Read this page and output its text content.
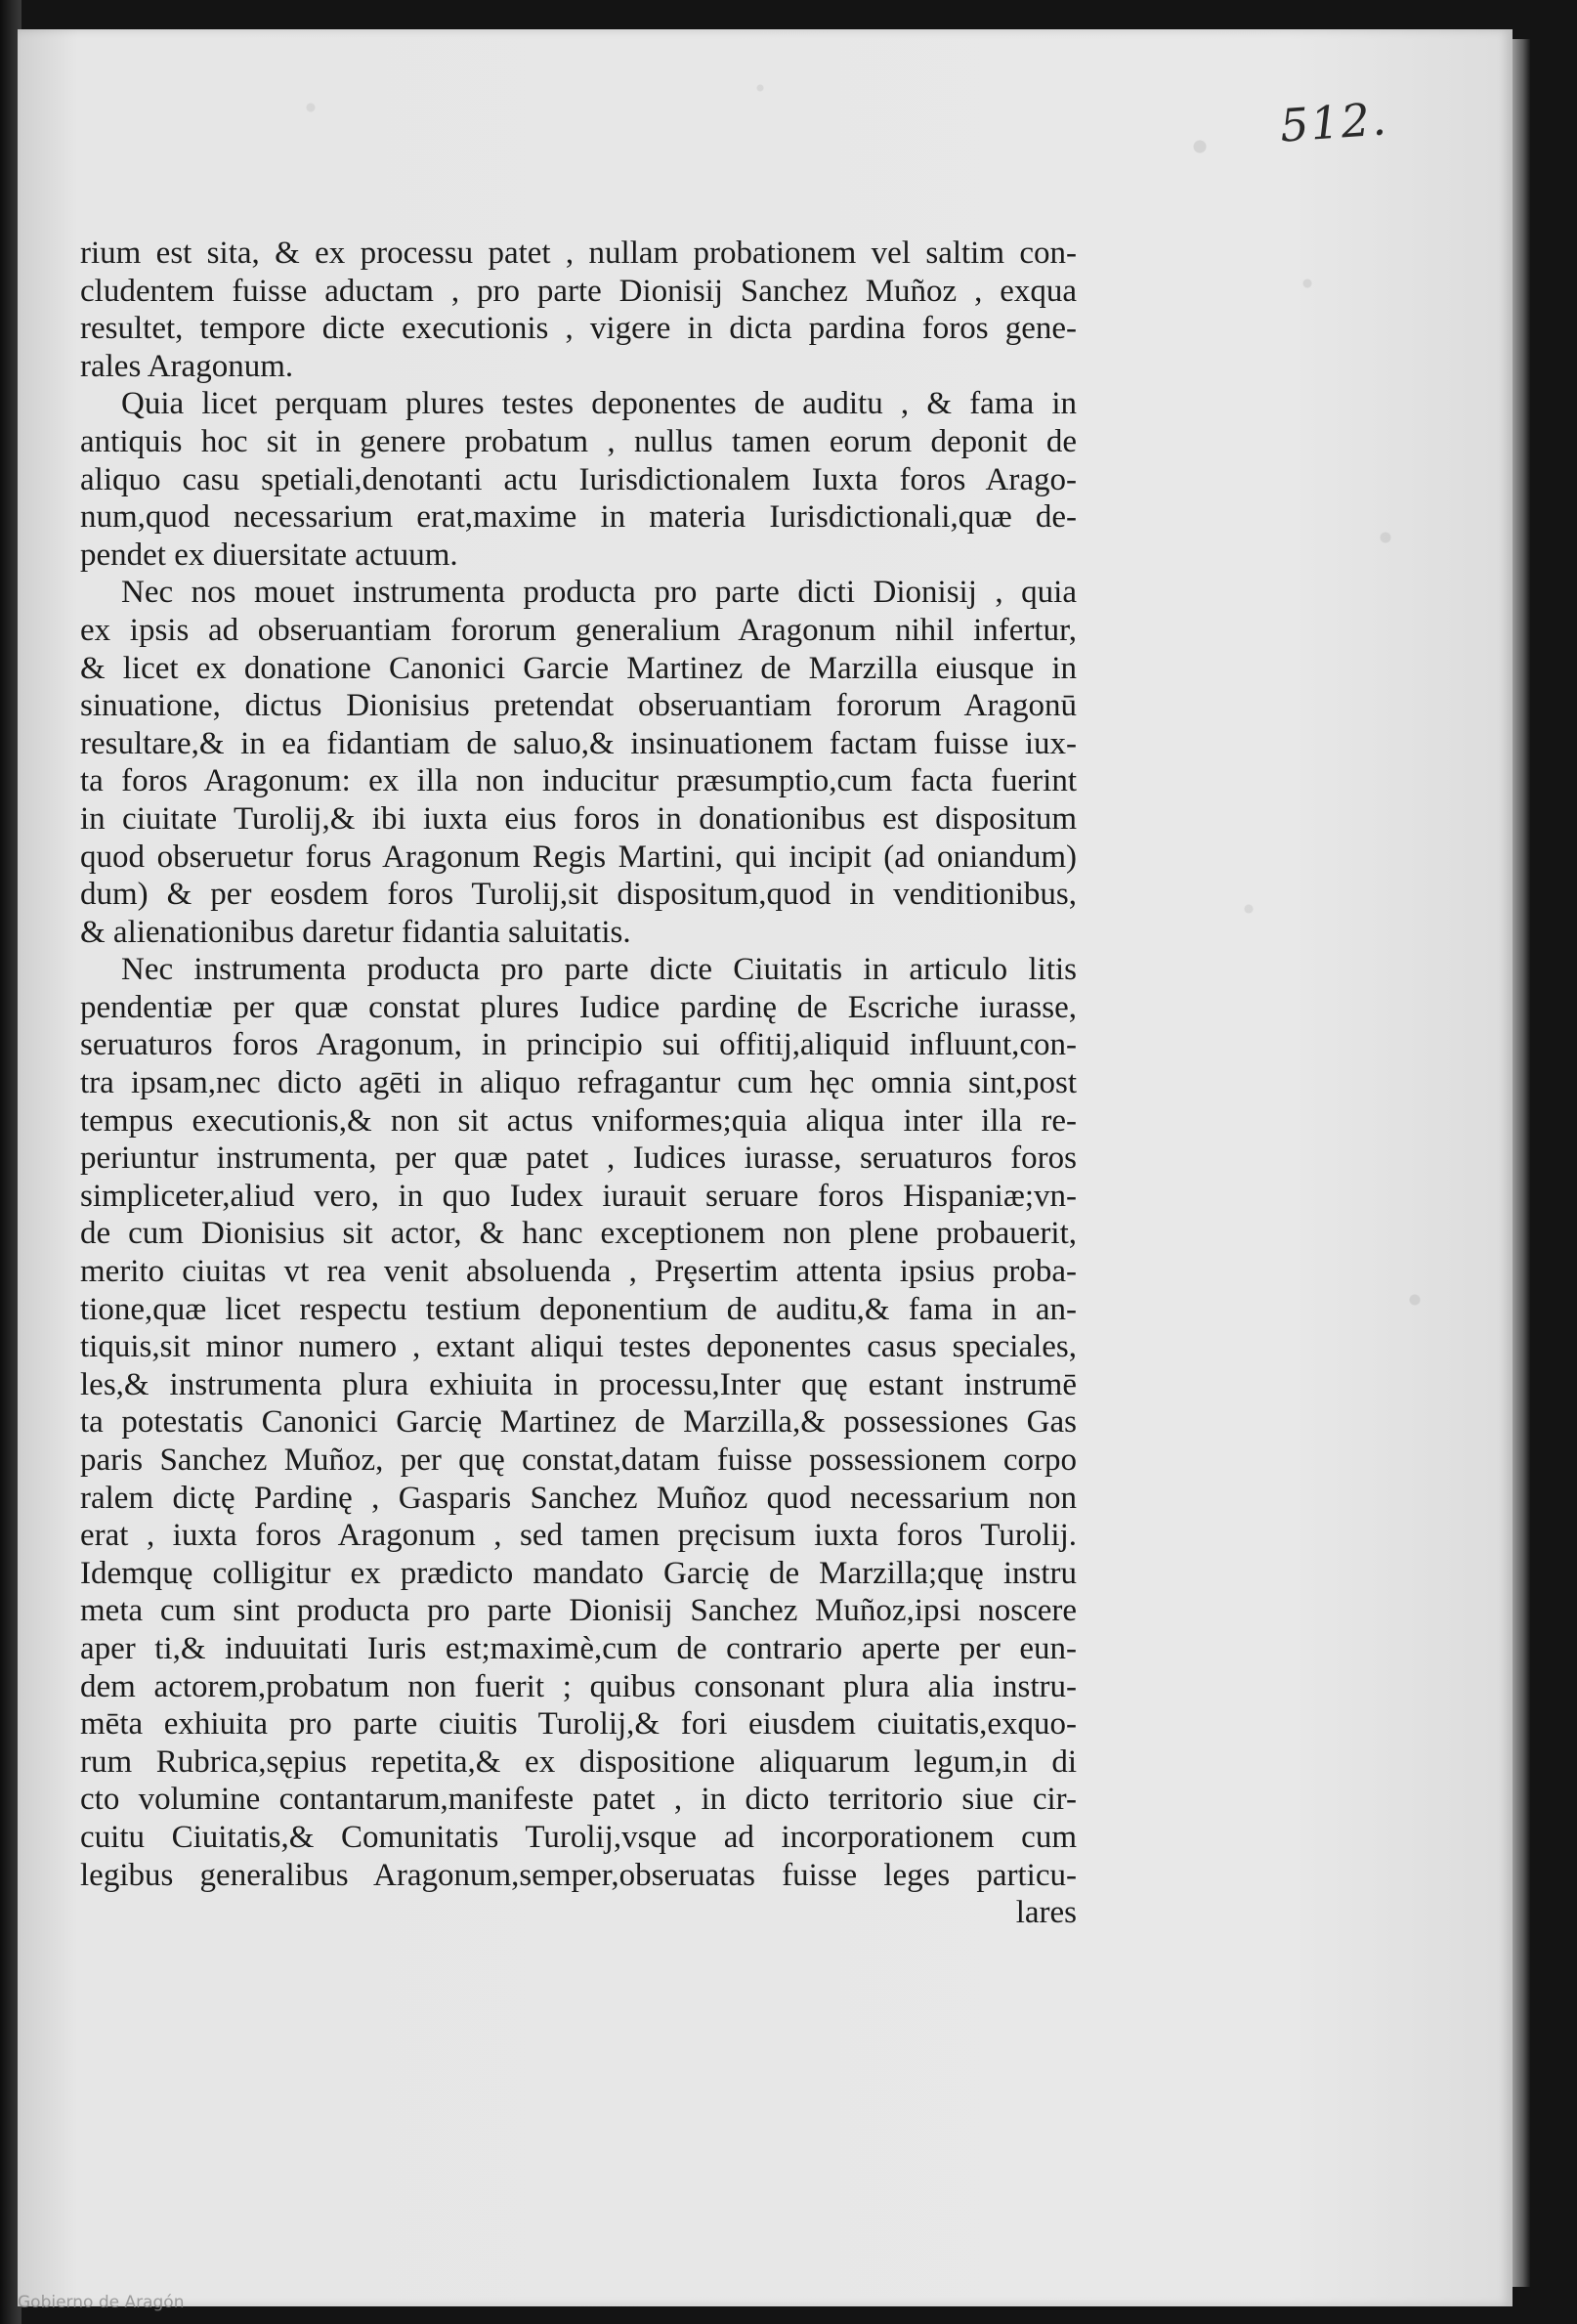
512.
rium est sita, & ex processu patet , nullam probationem vel saltim con-
cludentem fuisse aductam , pro parte Dionisij Sanchez Muñoz , exqua
resultet, tempore dicte executionis , vigere in dicta pardina foros gene-
rales Aragonum.
Quia licet perquam plures testes deponentes de auditu , & fama in
antiquis hoc sit in genere probatum , nullus tamen eorum deponit de
aliquo casu spetiali,denotanti actu Iurisdictionalem Iuxta foros Arago-
num,quod necessarium erat,maxime in materia Iurisdictionali,quæ de-
pendet ex diuersitate actuum.
Nec nos mouet instrumenta producta pro parte dicti Dionisij , quia
ex ipsis ad obseruantiam fororum generalium Aragonum nihil infertur,
& licet ex donatione Canonici Garcie Martinez de Marzilla eiusque in
sinuatione, dictus Dionisius pretendat obseruantiam fororum Aragonū
resultare,& in ea fidantiam de saluo,& insinuationem factam fuisse iux-
ta foros Aragonum: ex illa non inducitur præsumptio,cum facta fuerint
in ciuitate Turolij,& ibi iuxta eius foros in donationibus est dispositum
quod obseruetur forus Aragonum Regis Martini, qui incipit (ad oniandum)
dum) & per eosdem foros Turolij,sit dispositum,quod in venditionibus,
& alienationibus daretur fidantia saluitatis.
Nec instrumenta producta pro parte dicte Ciuitatis in articulo litis
pendentiæ per quæ constat plures Iudice pardinę de Escriche iurasse,
seruaturos foros Aragonum, in principio sui offitij,aliquid influunt,con-
tra ipsam,nec dicto agēti in aliquo refragantur cum hęc omnia sint,post
tempus executionis,& non sit actus vniformes;quia aliqua inter illa re-
periuntur instrumenta, per quæ patet , Iudices iurasse, seruaturos foros
simpliceter,aliud vero, in quo Iudex iurauit seruare foros Hispaniæ;vn-
de cum Dionisius sit actor, & hanc exceptionem non plene probauerit,
merito ciuitas vt rea venit absoluenda , Prȩsertim attenta ipsius proba-
tione,quæ licet respectu testium deponentium de auditu,& fama in an-
tiquis,sit minor numero , extant aliqui testes deponentes casus speciales,
les,& instrumenta plura exhiuita in processu,Inter quę estant instrumē
ta potestatis Canonici Garcię Martinez de Marzilla,& possessiones Gas
paris Sanchez Muñoz, per quę constat,datam fuisse possessionem corpo
ralem dictę Pardinę , Gasparis Sanchez Muñoz quod necessarium non
erat , iuxta foros Aragonum , sed tamen pręcisum iuxta foros Turolij.
Idemquę colligitur ex prædicto mandato Garcię de Marzilla;quę instru
meta cum sint producta pro parte Dionisij Sanchez Muñoz,ipsi noscere
aper ti,& induuitati Iuris est;maximè,cum de contrario aperte per eun-
dem actorem,probatum non fuerit ; quibus consonant plura alia instru-
mēta exhiuita pro parte ciuitis Turolij,& fori eiusdem ciuitatis,exquo-
rum Rubrica,sępius repetita,& ex dispositione aliquarum legum,in di
cto volumine contantarum,manifeste patet , in dicto territorio siue cir-
cuitu Ciuitatis,& Comunitatis Turolij,vsque ad incorporationem cum
legibus generalibus Aragonum,semper,obseruatas fuisse leges particu-
lares
Gobierno de Aragón
